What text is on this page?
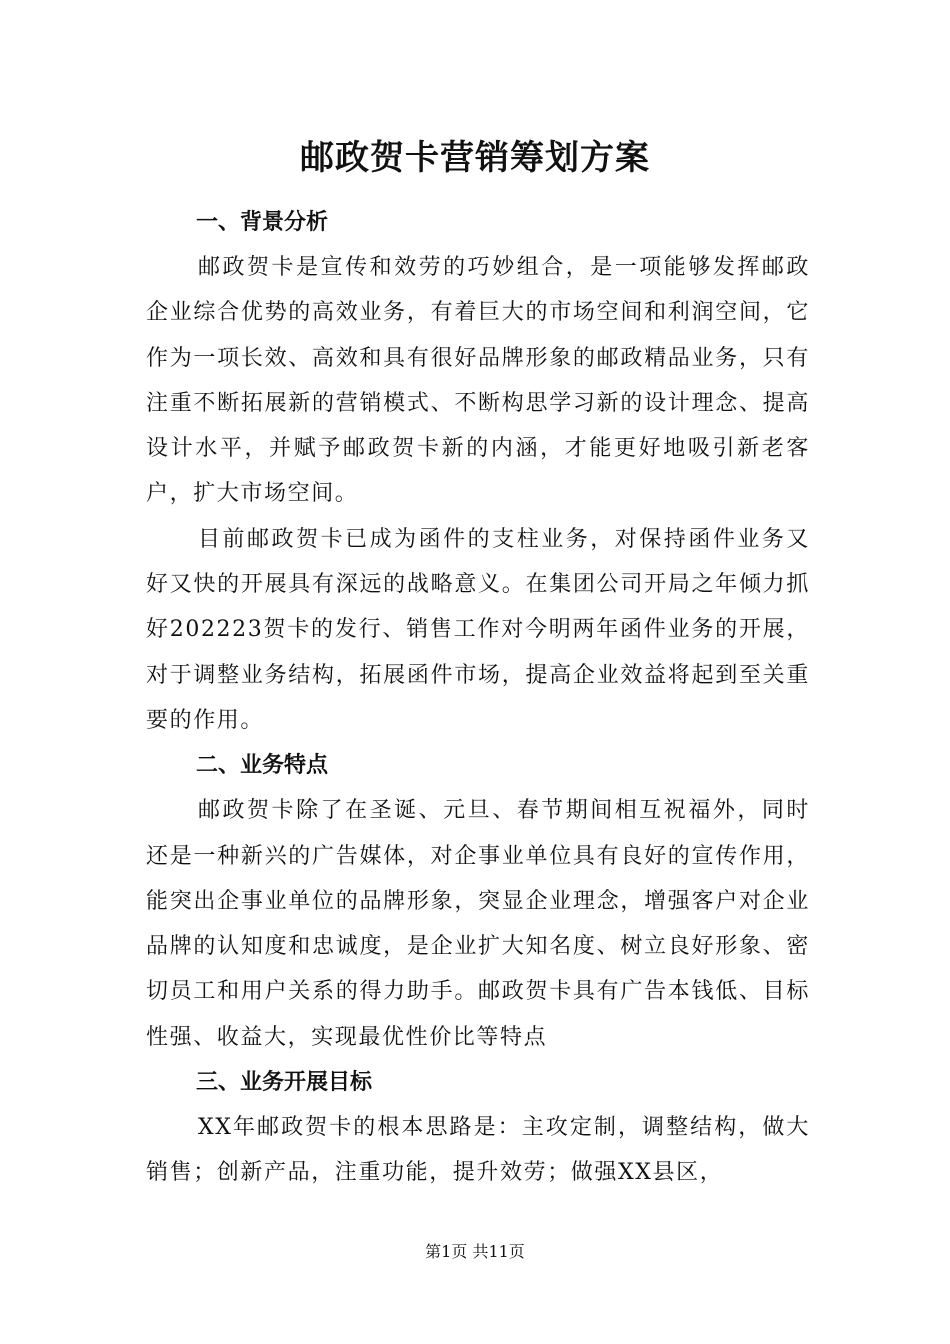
邮政贺卡营销筹划方案
一、背景分析

邮政贺卡是宣传和效劳的巧妙组合，是一项能够发挥邮政企业综合优势的高效业务，有着巨大的市场空间和利润空间，它作为一项长效、高效和具有很好品牌形象的邮政精品业务，只有注重不断拓展新的营销模式、不断构思学习新的设计理念、提高设计水平，并赋予邮政贺卡新的内涵，才能更好地吸引新老客户，扩大市场空间。

目前邮政贺卡已成为函件的支柱业务，对保持函件业务又好又快的开展具有深远的战略意义。在集团公司开局之年倾力抓好202223贺卡的发行、销售工作对今明两年函件业务的开展，对于调整业务结构，拓展函件市场，提高企业效益将起到至关重要的作用。

二、业务特点

邮政贺卡除了在圣诞、元旦、春节期间相互祝福外，同时还是一种新兴的广告媒体，对企事业单位具有良好的宣传作用，能突出企事业单位的品牌形象，突显企业理念，增强客户对企业品牌的认知度和忠诚度，是企业扩大知名度、树立良好形象、密切员工和用户关系的得力助手。邮政贺卡具有广告本钱低、目标性强、收益大，实现最优性价比等特点

三、业务开展目标

XX年邮政贺卡的根本思路是：主攻定制，调整结构，做大销售；创新产品，注重功能，提升效劳；做强XX县区，

第1页 共11页
